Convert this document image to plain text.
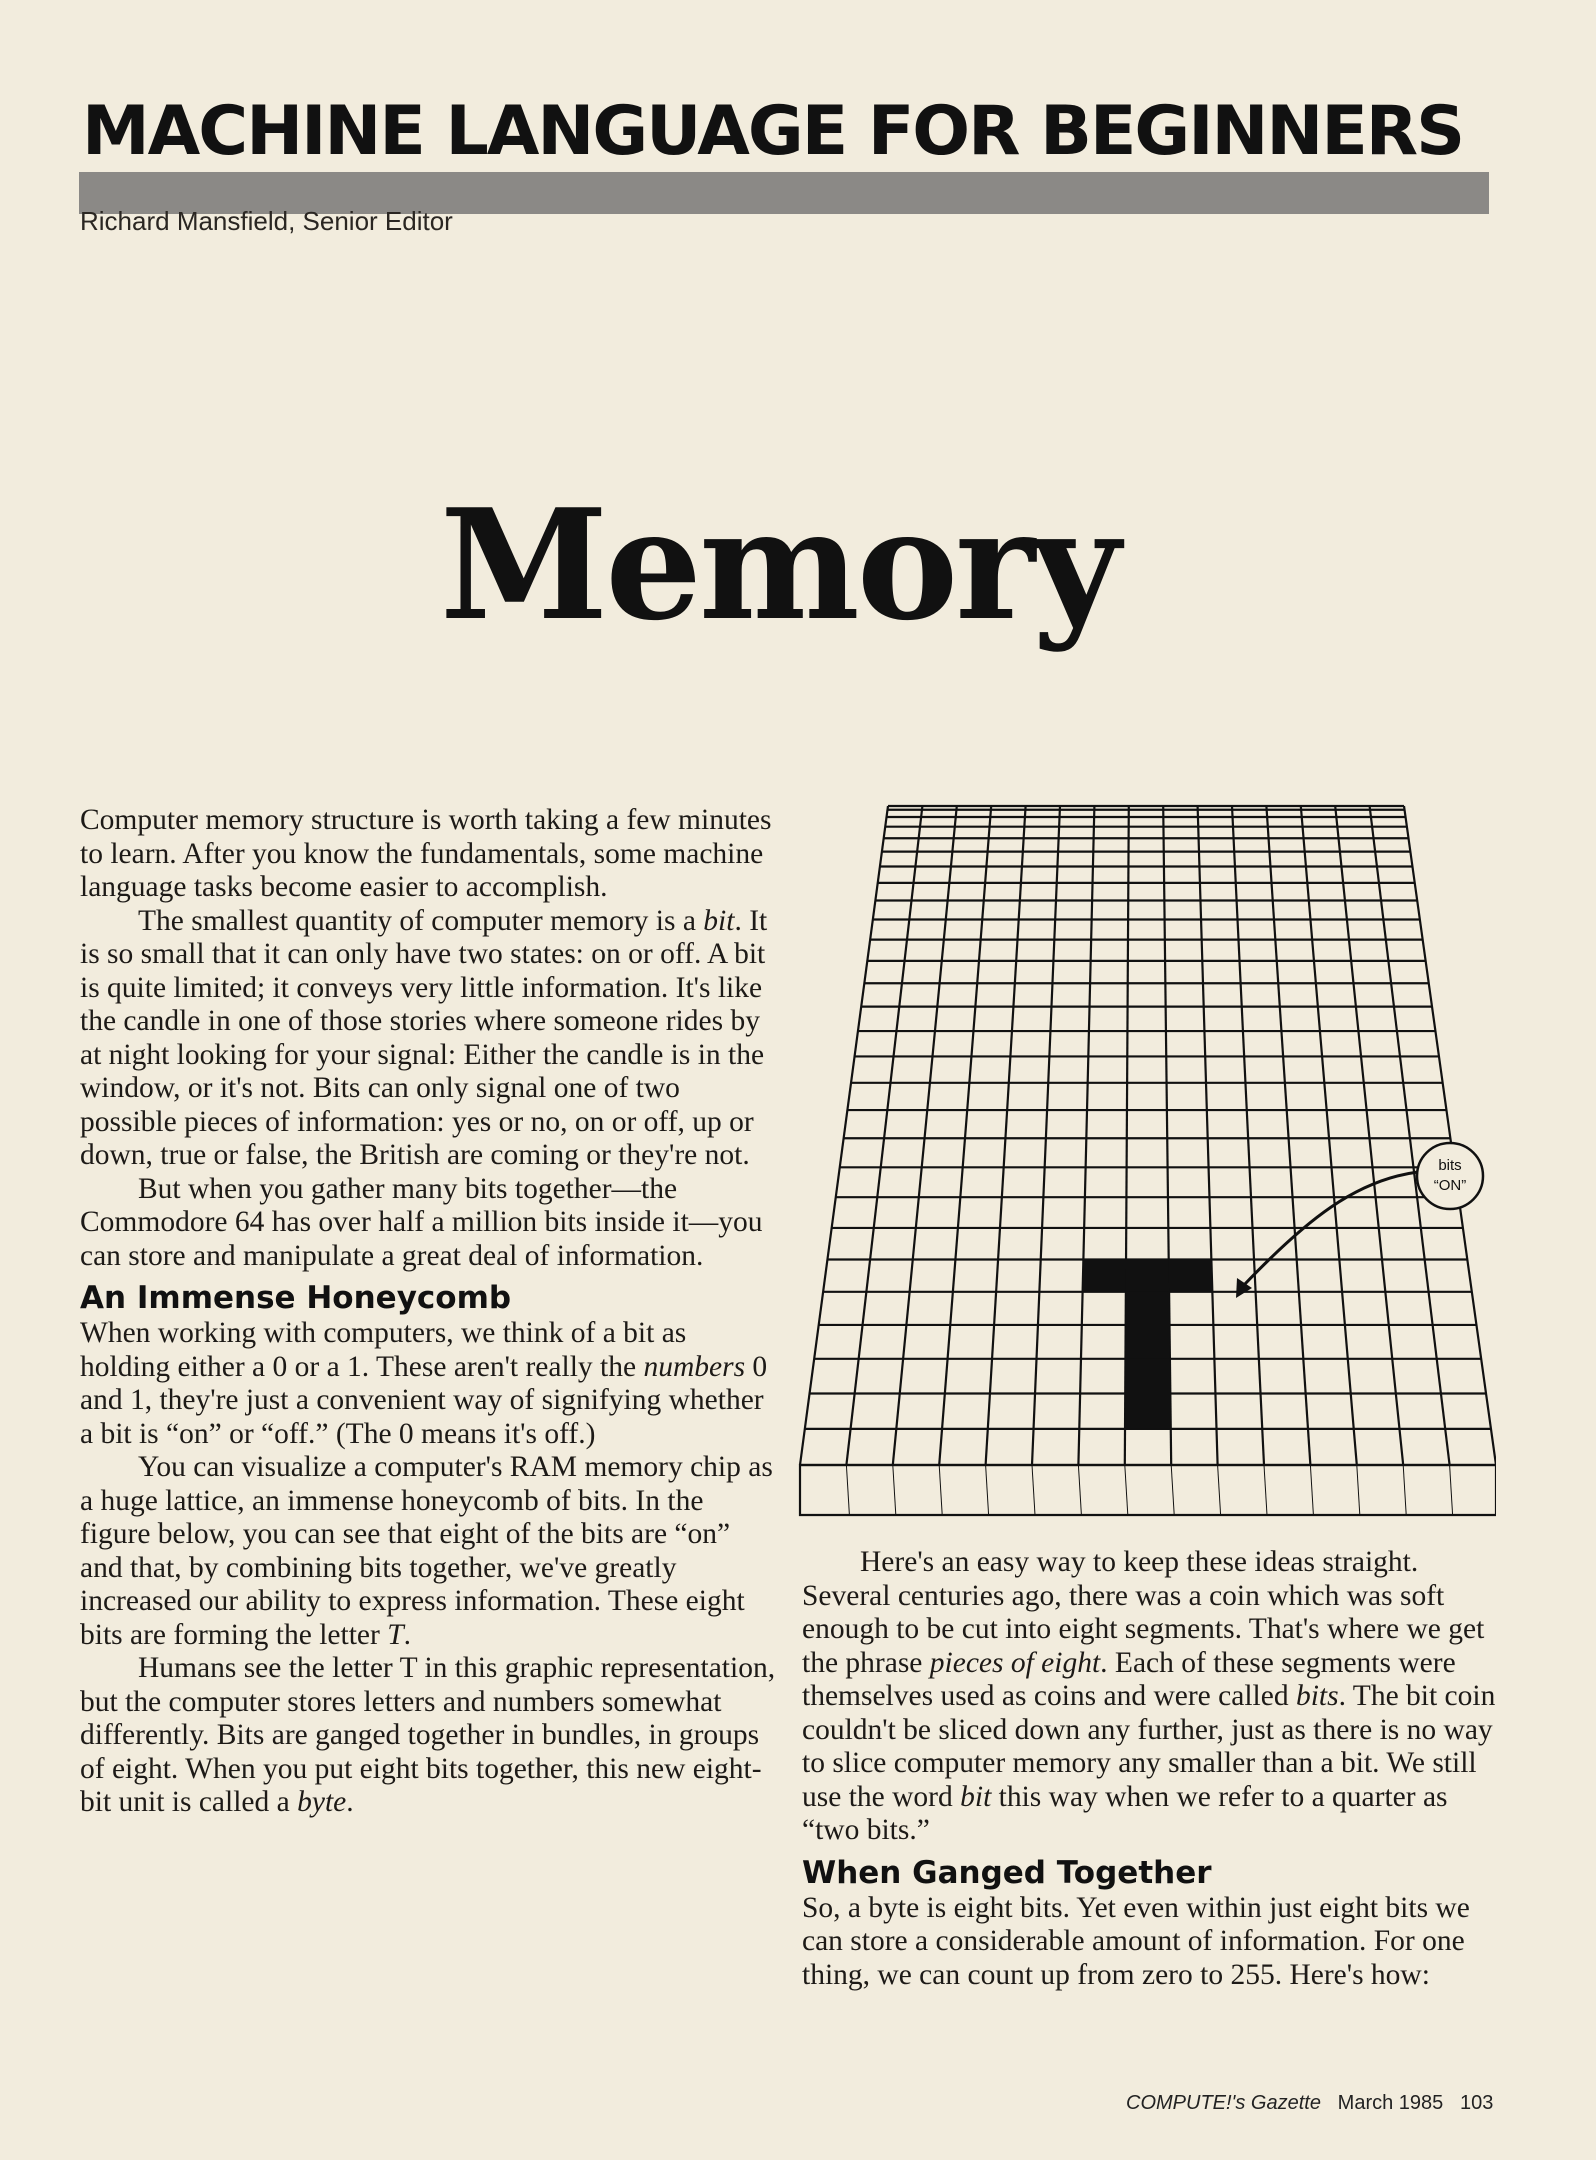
MACHINE LANGUAGE FOR BEGINNERS
Richard Mansfield, Senior Editor
Memory

Computer memory structure is worth taking a few minutes to learn. After you know the fundamentals, some machine language tasks become easier to accomplish.

The smallest quantity of computer memory is a bit. It is so small that it can only have two states: on or off. A bit is quite limited; it conveys very little information. It's like the candle in one of those stories where someone rides by at night looking for your signal: Either the candle is in the window, or it's not. Bits can only signal one of two possible pieces of information: yes or no, on or off, up or down, true or false, the British are coming or they're not.

But when you gather many bits together—the Commodore 64 has over half a million bits inside it—you can store and manipulate a great deal of information.

An Immense Honeycomb

When working with computers, we think of a bit as holding either a 0 or a 1. These aren't really the numbers 0 and 1, they're just a convenient way of signifying whether a bit is “on” or “off.” (The 0 means it's off.)

You can visualize a computer's RAM memory chip as a huge lattice, an immense honeycomb of bits. In the figure below, you can see that eight of the bits are “on” and that, by combining bits together, we've greatly increased our ability to express information. These eight bits are forming the letter T.

Humans see the letter T in this graphic representation, but the computer stores letters and numbers somewhat differently. Bits are ganged together in bundles, in groups of eight. When you put eight bits together, this new eight-bit unit is called a byte.

bits
“ON”

Here's an easy way to keep these ideas straight. Several centuries ago, there was a coin which was soft enough to be cut into eight segments. That's where we get the phrase pieces of eight. Each of these segments were themselves used as coins and were called bits. The bit coin couldn't be sliced down any further, just as there is no way to slice computer memory any smaller than a bit. We still use the word bit this way when we refer to a quarter as “two bits.”

When Ganged Together

So, a byte is eight bits. Yet even within just eight bits we can store a considerable amount of information. For one thing, we can count up from zero to 255. Here's how:

COMPUTE!'s Gazette March 1985 103
